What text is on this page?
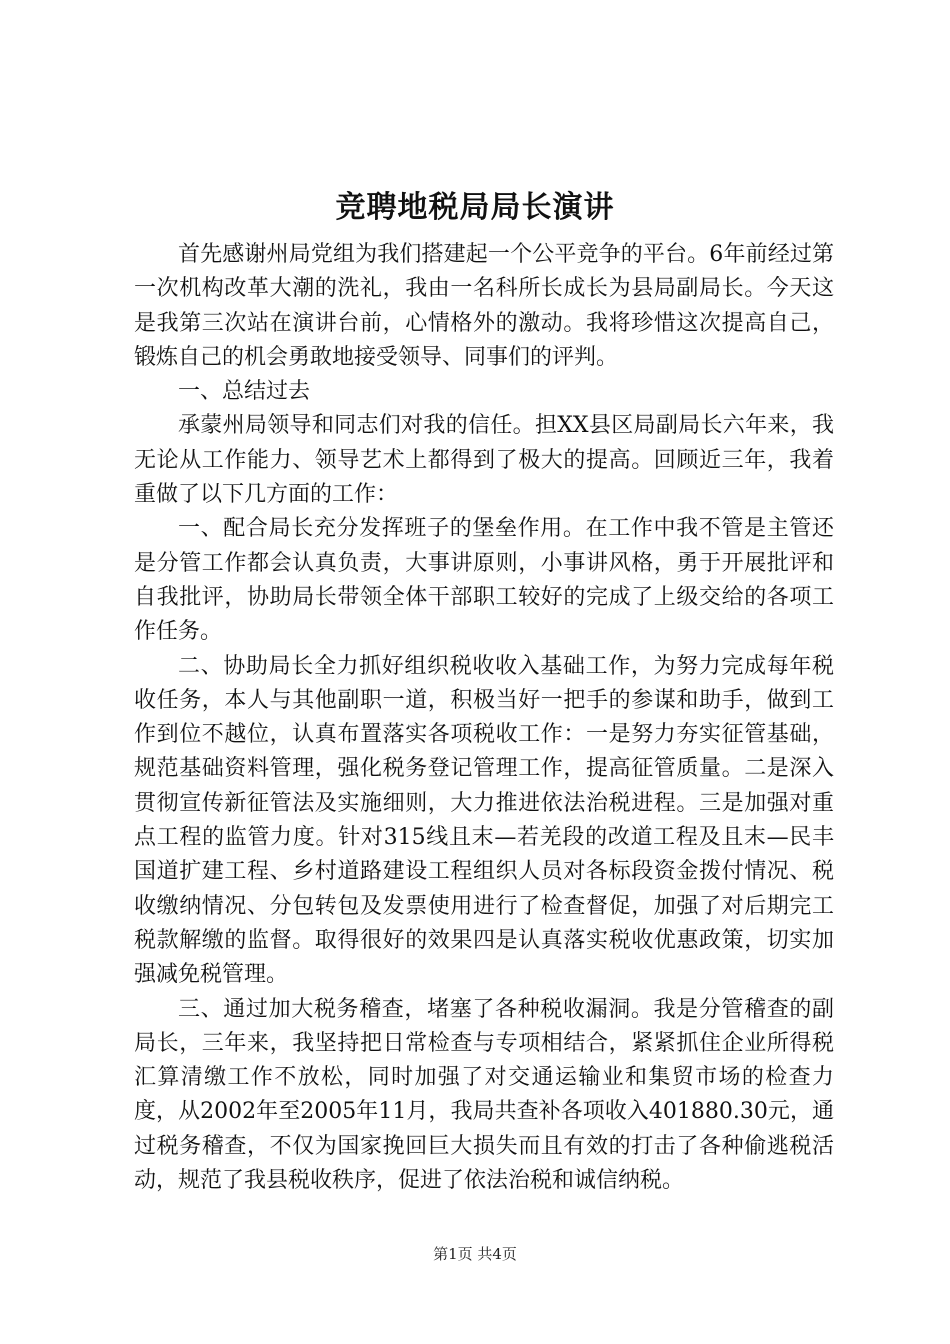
竞聘地税局局长演讲

首先感谢州局党组为我们搭建起一个公平竞争的平台。6年前经过第一次机构改革大潮的洗礼，我由一名科所长成长为县局副局长。今天这是我第三次站在演讲台前，心情格外的激动。我将珍惜这次提高自己，锻炼自己的机会勇敢地接受领导、同事们的评判。

一、总结过去

承蒙州局领导和同志们对我的信任。担XX县区局副局长六年来，我无论从工作能力、领导艺术上都得到了极大的提高。回顾近三年，我着重做了以下几方面的工作：

一、配合局长充分发挥班子的堡垒作用。在工作中我不管是主管还是分管工作都会认真负责，大事讲原则，小事讲风格，勇于开展批评和自我批评，协助局长带领全体干部职工较好的完成了上级交给的各项工作任务。

二、协助局长全力抓好组织税收收入基础工作，为努力完成每年税收任务，本人与其他副职一道，积极当好一把手的参谋和助手，做到工作到位不越位，认真布置落实各项税收工作：一是努力夯实征管基础，规范基础资料管理，强化税务登记管理工作，提高征管质量。二是深入贯彻宣传新征管法及实施细则，大力推进依法治税进程。三是加强对重点工程的监管力度。针对315线且末—若羌段的改道工程及且末—民丰国道扩建工程、乡村道路建设工程组织人员对各标段资金拨付情况、税收缴纳情况、分包转包及发票使用进行了检查督促，加强了对后期完工税款解缴的监督。取得很好的效果四是认真落实税收优惠政策，切实加强减免税管理。

三、通过加大税务稽查，堵塞了各种税收漏洞。我是分管稽查的副局长，三年来，我坚持把日常检查与专项相结合，紧紧抓住企业所得税汇算清缴工作不放松，同时加强了对交通运输业和集贸市场的检查力度，从2002年至2005年11月，我局共查补各项收入401880.30元，通过税务稽查，不仅为国家挽回巨大损失而且有效的打击了各种偷逃税活动，规范了我县税收秩序，促进了依法治税和诚信纳税。

第1页 共4页
